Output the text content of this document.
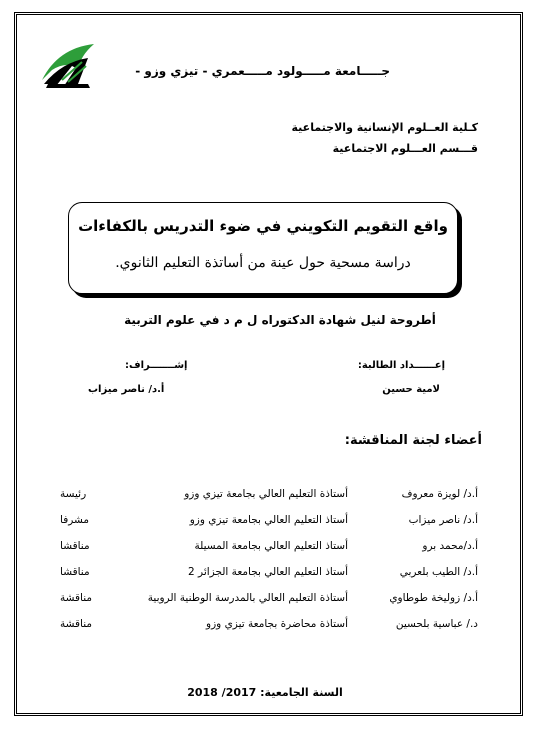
جـــــامعة مـــــولود مـــــعمري - تيزي وزو -
كـلية العــلوم الإنسانية والاجتماعية
قـــسم العـــلوم الاجتماعية
واقع التقويم التكويني في ضوء التدريس بالكفاءات
دراسة مسحية حول عينة من أساتذة التعليم الثانوي.
أطروحة لنيل شهادة الدكتوراه ل م د في علوم التربية
إعــــــداد الطالبة:
إشـــــــراف:
لامية حسين
أ.د/ ناصر ميزاب
أعضاء لجنة المناقشة:
أ.د/ لويزة معروف
أستاذة التعليم العالي بجامعة تيزي وزو
رئيسة
أ.د/ ناصر ميزاب
أستاذ التعليم العالي بجامعة تيزي وزو
مشرفا
أ.د/محمد برو
أستاذ التعليم العالي بجامعة المسيلة
مناقشا
أ.د/ الطيب بلعربي
أستاذ التعليم العالي بجامعة الجزائر 2
مناقشا
أ.د/ زوليخة طوطاوي
أستاذة التعليم العالي بالمدرسة الوطنية الروبية
مناقشة
د./ عباسية بلحسين
أستاذة محاضرة بجامعة تيزي وزو
مناقشة
السنة الجامعية: 2017/ 2018
